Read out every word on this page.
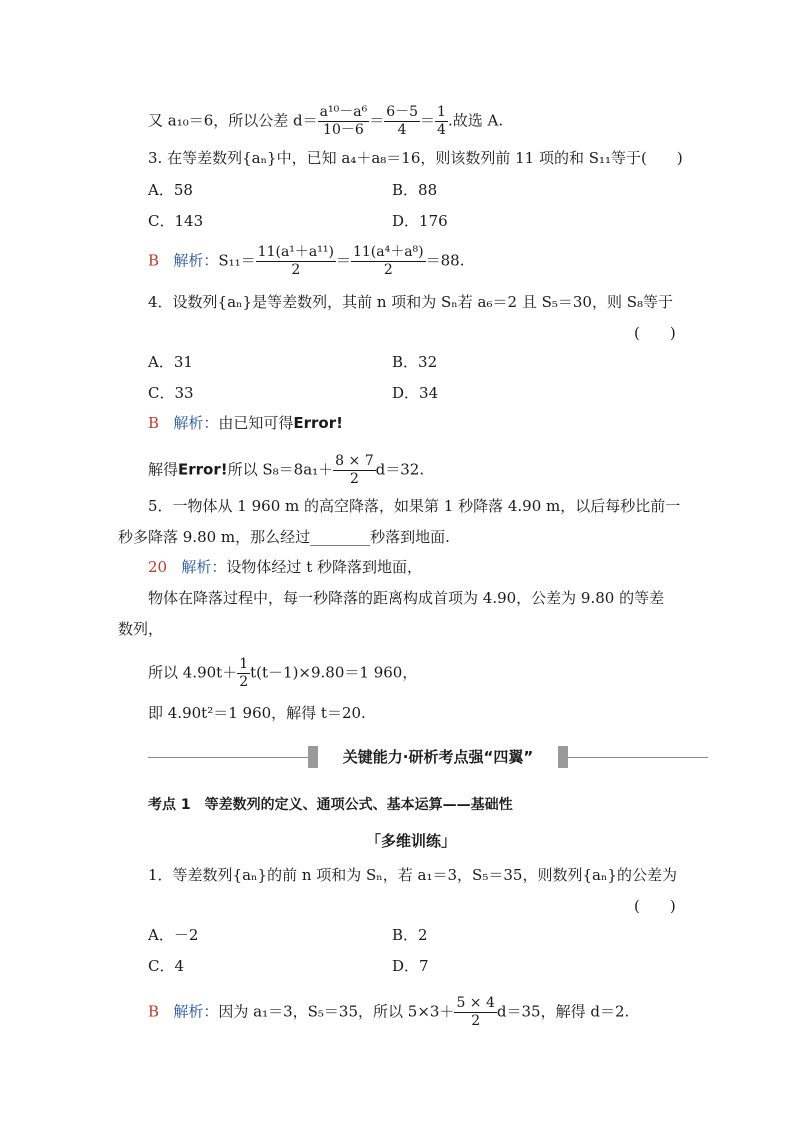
又 a₁₀＝6，所以公差 $d= \frac{\text{a¹⁰－a⁶}}{10-6} = \frac{6-5}{4} = \frac{1}{4}$ .故选 A.
3. 在等差数列{aₙ}中，已知 a₄＋a₈＝16，则该数列前 11 项的和 S₁₁等于(　　)
A．58	B．88
C．143	D．176
B 解析：$S_{11}= \frac{\text{11(a¹＋a¹¹)}}{2} = \frac{\text{11(a⁴＋a⁸)}}{2} =88$.
4．设数列{aₙ}是等差数列，其前 n 项和为 Sₙ若 a₆＝2 且 S₅＝30，则 S₈等于
(　　)
A．31	B．32
C．33	D．34
B 解析：由已知可得Error!
解得Error!所以 $S_8=8a_1+ \frac{8 \times 7}{2} d=32$.
5．一物体从 1 960 m 的高空降落，如果第 1 秒降落 4.90 m，以后每秒比前一
秒多降落 9.80 m，那么经过________秒落到地面.
20 解析：设物体经过 t 秒降落到地面，
物体在降落过程中，每一秒降落的距离构成首项为 4.90，公差为 9.80 的等差
数列，
所以 $4.90t+ \frac{1}{2} t(t-1)\times 9.80=1$ 960，
即 4.90t²＝1 960，解得 t＝20.
关键能力·研析考点强“四翼”
考点 1　等差数列的定义、通项公式、基本运算——基础性
「多维训练」
1．等差数列{aₙ}的前 n 项和为 Sₙ，若 a₁＝3，S₅＝35，则数列{aₙ}的公差为
(　　)
A．－2	B．2
C．4	D．7
B 解析：因为 a₁＝3，S₅＝35，所以 $5\times 3+ \frac{5 \times 4}{2} d=35$，解得 d＝2.
